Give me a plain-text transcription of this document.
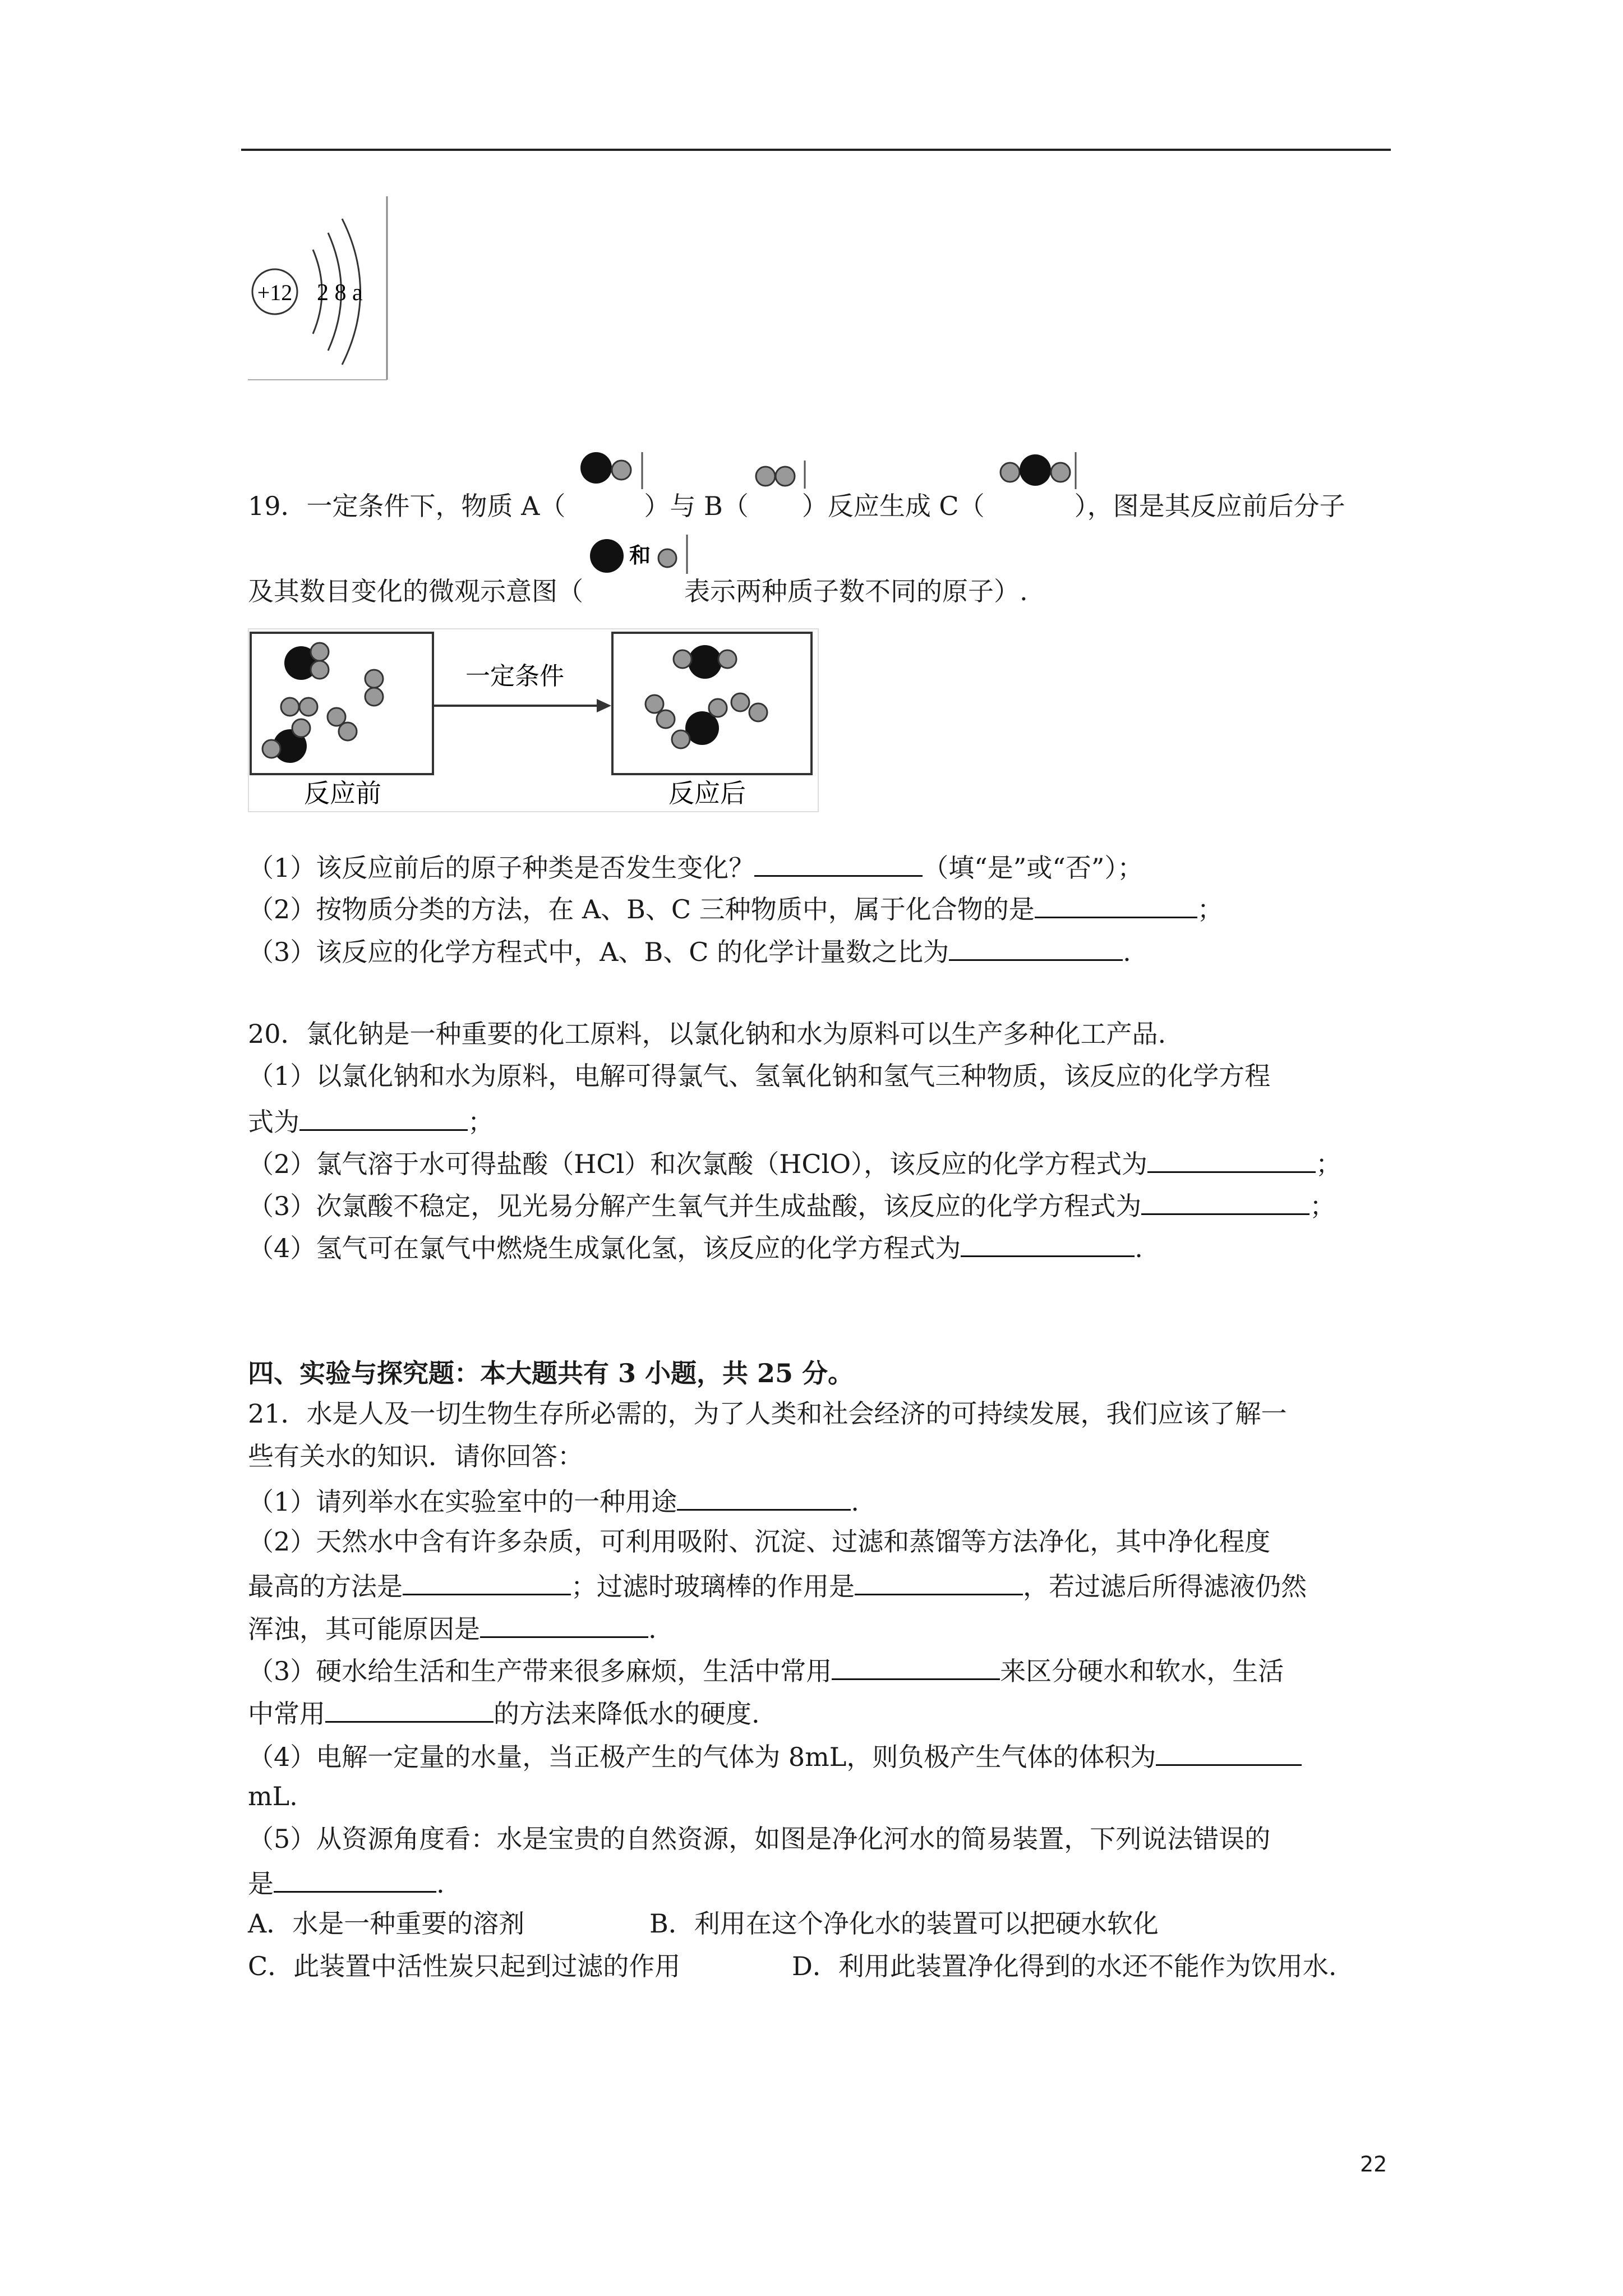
+12 2 8 a
19．一定条件下，物质 A（	）与 B（ ）反应生成 C（	），图是其反应前后分子
及其数目变化的微观示意图（
和
表示两种质子数不同的原子）.
一定条件
反应前	反应后
（1）该反应前后的原子种类是否发生变化？	（填“是”或“否”）；
（2）按物质分类的方法，在 A、B、C 三种物质中，属于化合物的是	；
（3）该反应的化学方程式中，A、B、C 的化学计量数之比为	.
20．氯化钠是一种重要的化工原料，以氯化钠和水为原料可以生产多种化工产品.
（1）以氯化钠和水为原料，电解可得氯气、氢氧化钠和氢气三种物质，该反应的化学方程
式为	；
（2）氯气溶于水可得盐酸（HCl）和次氯酸（HClO），该反应的化学方程式为	；
（3）次氯酸不稳定，见光易分解产生氧气并生成盐酸，该反应的化学方程式为	；
（4）氢气可在氯气中燃烧生成氯化氢，该反应的化学方程式为	.
四、实验与探究题：本大题共有 3 小题，共 25 分。
21．水是人及一切生物生存所必需的，为了人类和社会经济的可持续发展，我们应该了解一
些有关水的知识．请你回答：
（1）请列举水在实验室中的一种用途	.
（2）天然水中含有许多杂质，可利用吸附、沉淀、过滤和蒸馏等方法净化，其中净化程度
最高的方法是	；过滤时玻璃棒的作用是	，若过滤后所得滤液仍然
浑浊，其可能原因是	.
（3）硬水给生活和生产带来很多麻烦，生活中常用	来区分硬水和软水，生活
中常用	的方法来降低水的硬度.
（4）电解一定量的水量，当正极产生的气体为 8mL，则负极产生气体的体积为
mL.
（5）从资源角度看：水是宝贵的自然资源，如图是净化河水的简易装置，下列说法错误的
是	.
A．水是一种重要的溶剂	B．利用在这个净化水的装置可以把硬水软化
C．此装置中活性炭只起到过滤的作用	D．利用此装置净化得到的水还不能作为饮用水.
22
